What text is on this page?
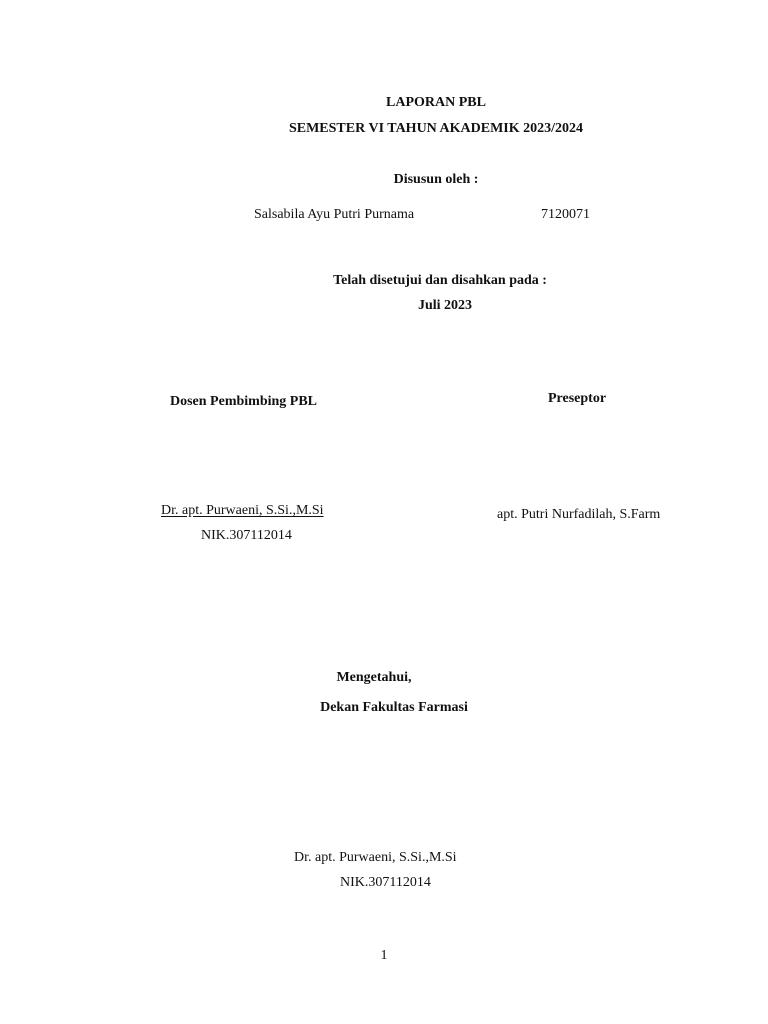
LAPORAN PBL
SEMESTER VI TAHUN AKADEMIK 2023/2024
Disusun oleh :
Salsabila Ayu Putri Purnama	7120071
Telah disetujui dan disahkan pada :
Juli 2023
Dosen Pembimbing PBL	Preseptor
Dr. apt. Purwaeni, S.Si.,M.Si
NIK.307112014
apt. Putri Nurfadilah, S.Farm
Mengetahui,
Dekan Fakultas Farmasi
Dr. apt. Purwaeni, S.Si.,M.Si
NIK.307112014
1
